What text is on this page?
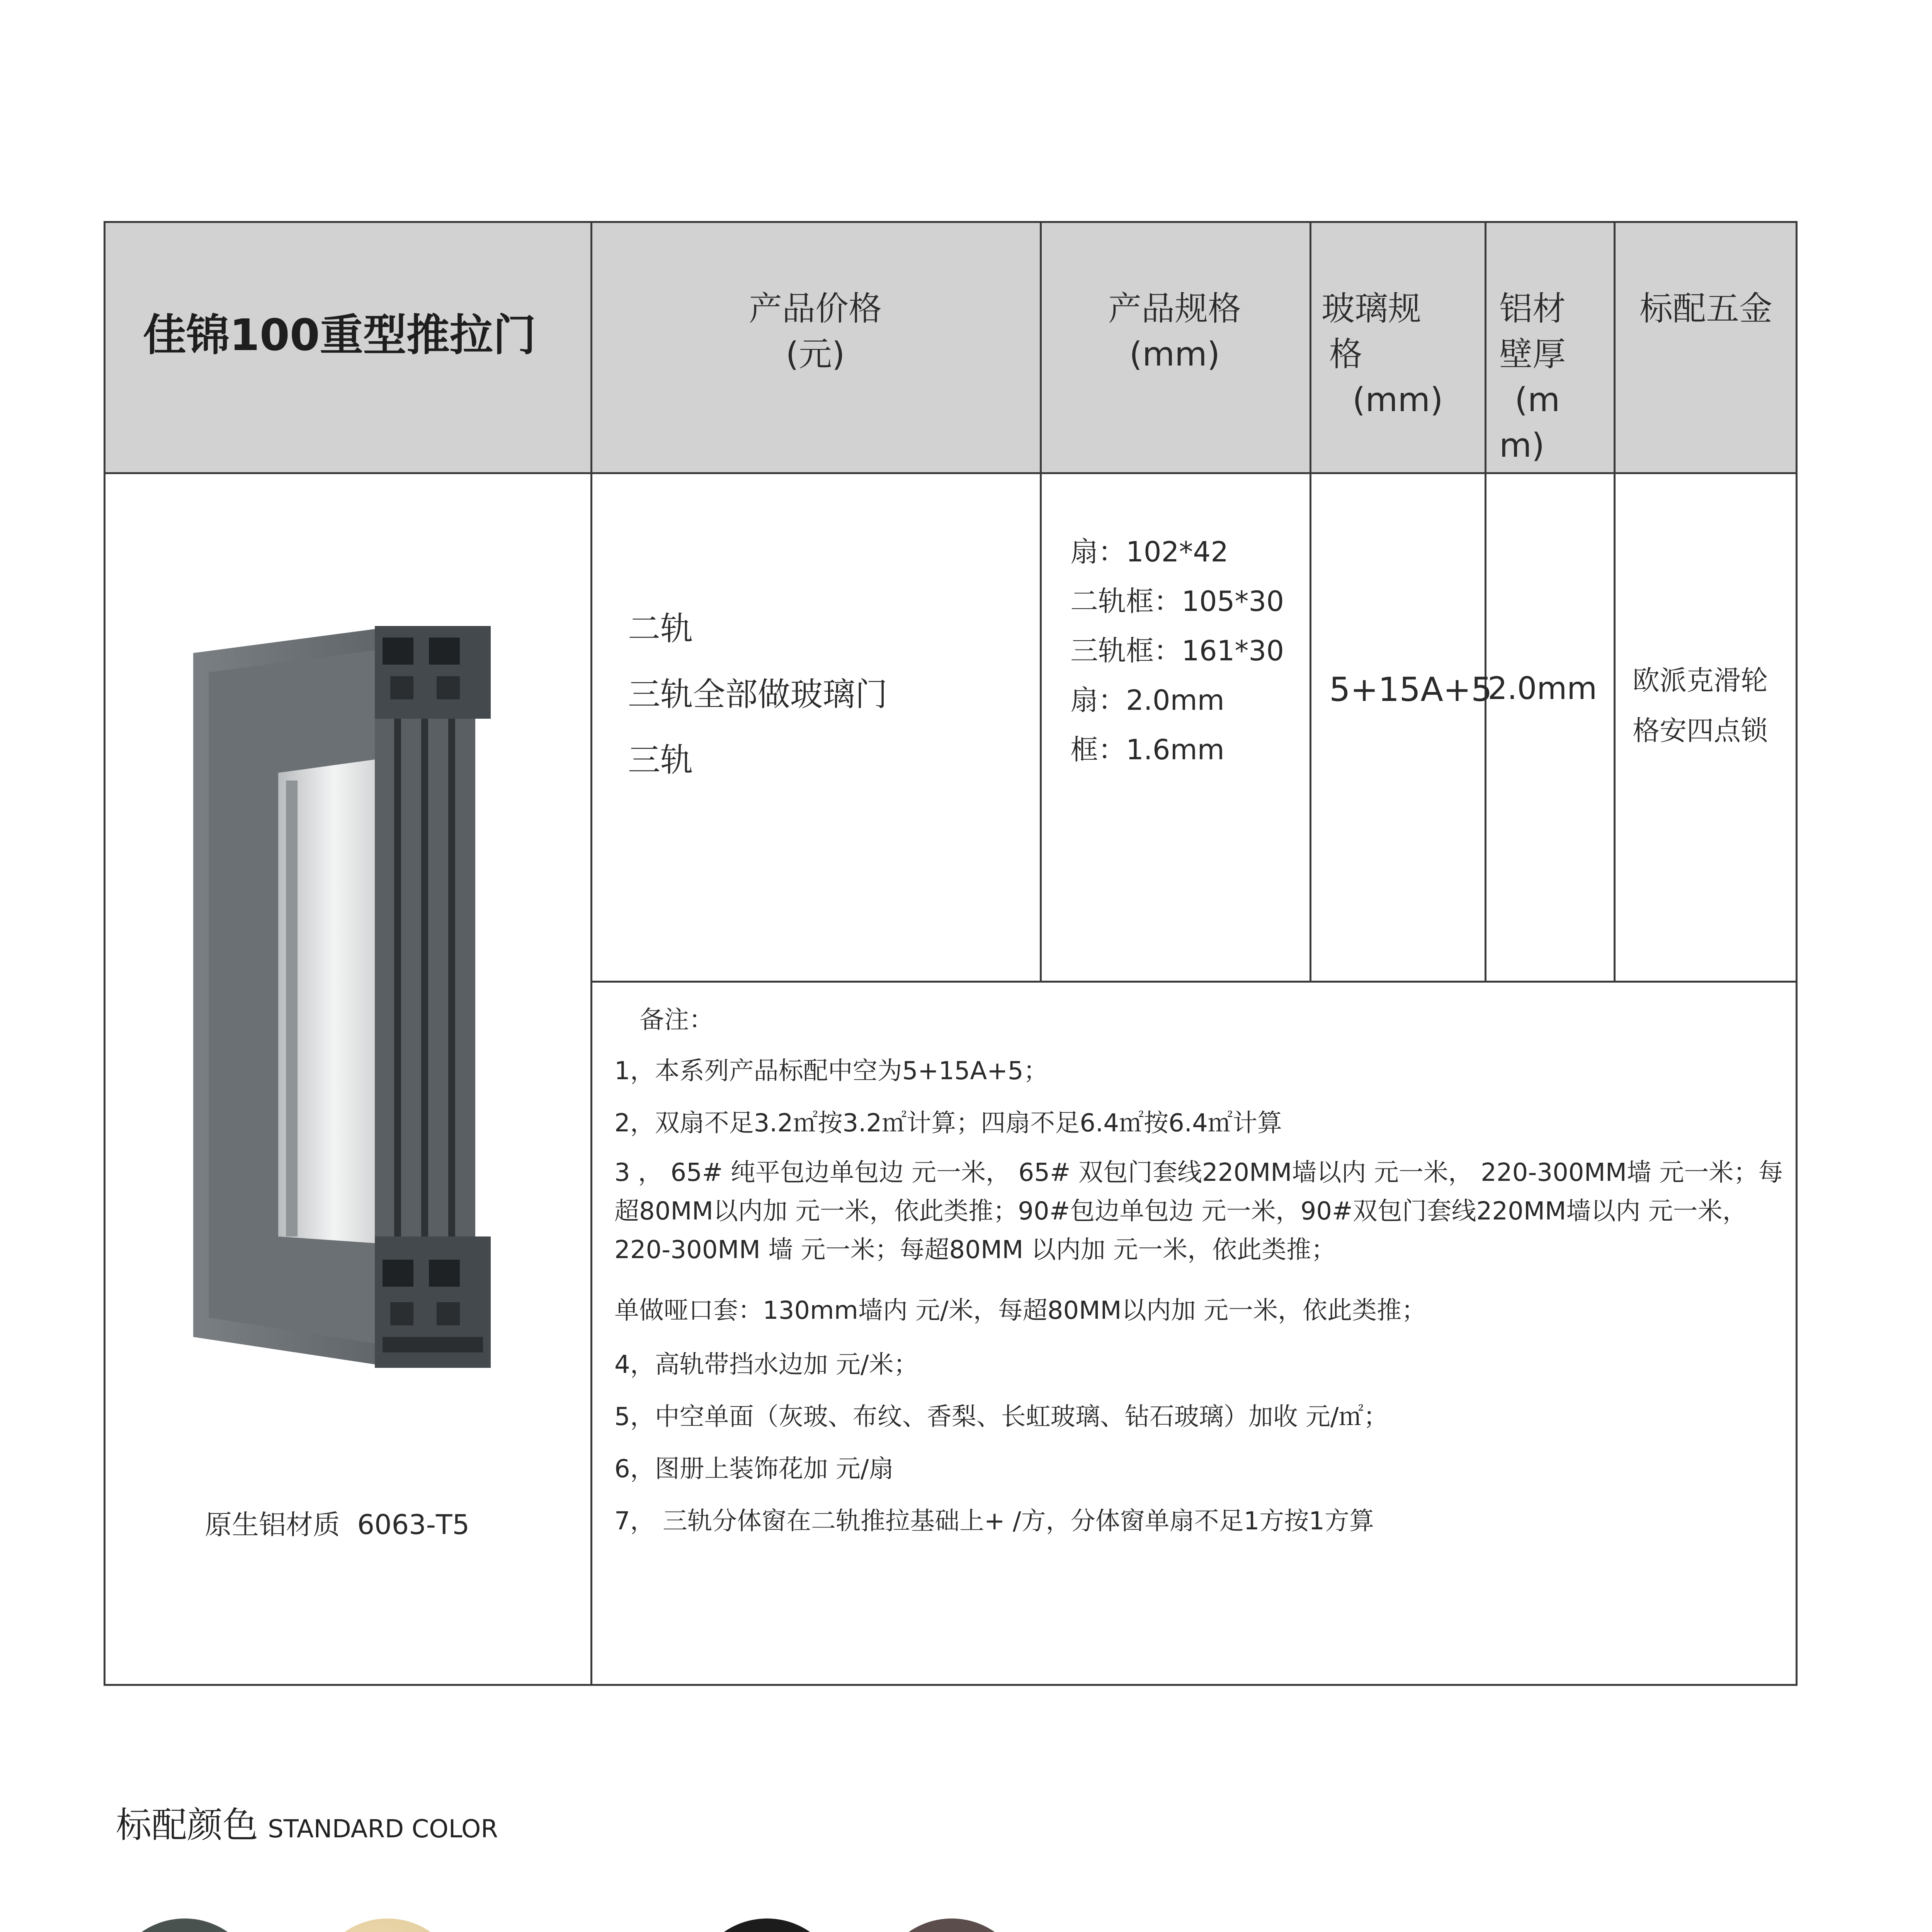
佳锦100重型推拉门
产品价格
(元)
产品规格
(mm)
玻璃规
格
(mm)
铝材
壁厚
(m
m)
标配五金
原生铝材质  6063-T5
二轨
三轨全部做玻璃门
三轨
扇：102*42
二轨框：105*30
三轨框：161*30
扇：2.0mm
框：1.6mm
5+15A+5
2.0mm 欧派克滑轮
格安四点锁
备注：
1，本系列产品标配中空为5+15A+5；
2，双扇不足3.2㎡按3.2㎡计算；四扇不足6.4㎡按6.4㎡计算
3 ， 65# 纯平包边单包边 元一米， 65# 双包门套线220MM墙以内 元一米， 220-300MM墙 元一米；每超80MM以内加 元一米，依此类推；90#包边单包边 元一米，90#双包门套线220MM墙以内 元一米，220-300MM 墙 元一米；每超80MM 以内加 元一米，依此类推；
单做哑口套：130mm墙内 元/米，每超80MM以内加 元一米，依此类推；
4，高轨带挡水边加 元/米；
5，中空单面（灰玻、布纹、香梨、长虹玻璃、钻石玻璃）加收 元/㎡；
6，图册上装饰花加 元/扇
7， 三轨分体窗在二轨推拉基础上+ /方，分体窗单扇不足1方按1方算
标配颜色 STANDARD COLOR
